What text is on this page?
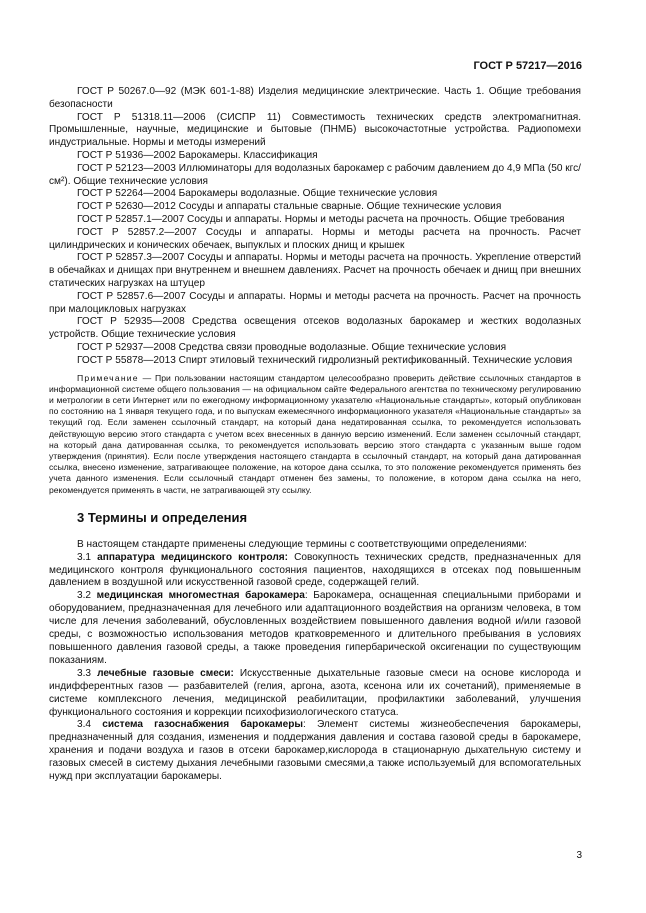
ГОСТ Р 57217—2016

ГОСТ Р 50267.0—92 (МЭК 601-1-88) Изделия медицинские электрические. Часть 1. Общие требования безопасности

ГОСТ Р 51318.11—2006 (СИСПР 11) Совместимость технических средств электромагнитная. Промышленные, научные, медицинские и бытовые (ПНМБ) высокочастотные устройства. Радиопомехи индустриальные. Нормы и методы измерений

ГОСТ Р 51936—2002 Барокамеры. Классификация

ГОСТ Р 52123—2003 Иллюминаторы для водолазных барокамер с рабочим давлением до 4,9 МПа (50 кгс/см²). Общие технические условия

ГОСТ Р 52264—2004 Барокамеры водолазные. Общие технические условия

ГОСТ Р 52630—2012 Сосуды и аппараты стальные сварные. Общие технические условия

ГОСТ Р 52857.1—2007 Сосуды и аппараты. Нормы и методы расчета на прочность. Общие требования

ГОСТ Р 52857.2—2007 Сосуды и аппараты. Нормы и методы расчета на прочность. Расчет цилиндрических и конических обечаек, выпуклых и плоских днищ и крышек

ГОСТ Р 52857.3—2007 Сосуды и аппараты. Нормы и методы расчета на прочность. Укрепление отверстий в обечайках и днищах при внутреннем и внешнем давлениях. Расчет на прочность обечаек и днищ при внешних статических нагрузках на штуцер

ГОСТ Р 52857.6—2007 Сосуды и аппараты. Нормы и методы расчета на прочность. Расчет на прочность при малоцикловых нагрузках

ГОСТ Р 52935—2008 Средства освещения отсеков водолазных барокамер и жестких водолазных устройств. Общие технические условия

ГОСТ Р 52937—2008 Средства связи проводные водолазные. Общие технические условия

ГОСТ Р 55878—2013 Спирт этиловый технический гидролизный ректификованный. Технические условия

Примечание — При пользовании настоящим стандартом целесообразно проверить действие ссылочных стандартов в информационной системе общего пользования — на официальном сайте Федерального агентства по техническому регулированию и метрологии в сети Интернет или по ежегодному информационному указателю «Национальные стандарты», который опубликован по состоянию на 1 января текущего года, и по выпускам ежемесячного информационного указателя «Национальные стандарты» за текущий год. Если заменен ссылочный стандарт, на который дана недатированная ссылка, то рекомендуется использовать действующую версию этого стандарта с учетом всех внесенных в данную версию изменений. Если заменен ссылочный стандарт, на который дана датированная ссылка, то рекомендуется использовать версию этого стандарта с указанным выше годом утверждения (принятия). Если после утверждения настоящего стандарта в ссылочный стандарт, на который дана датированная ссылка, внесено изменение, затрагивающее положение, на которое дана ссылка, то это положение рекомендуется применять без учета данного изменения. Если ссылочный стандарт отменен без замены, то положение, в котором дана ссылка на него, рекомендуется применять в части, не затрагивающей эту ссылку.

3 Термины и определения

В настоящем стандарте применены следующие термины с соответствующими определениями:

3.1 аппаратура медицинского контроля: Совокупность технических средств, предназначенных для медицинского контроля функционального состояния пациентов, находящихся в отсеках под повышенным давлением в воздушной или искусственной газовой среде, содержащей гелий.

3.2 медицинская многоместная барокамера: Барокамера, оснащенная специальными приборами и оборудованием, предназначенная для лечебного или адаптационного воздействия на организм человека, в том числе для лечения заболеваний, обусловленных воздействием повышенного давления водной и/или газовой среды, с возможностью использования методов кратковременного и длительного пребывания в условиях повышенного давления газовой среды, а также проведения гипербарической оксигенации по существующим показаниям.

3.3 лечебные газовые смеси: Искусственные дыхательные газовые смеси на основе кислорода и индифферентных газов — разбавителей (гелия, аргона, азота, ксенона или их сочетаний), применяемые в системе комплексного лечения, медицинской реабилитации, профилактики заболеваний, улучшения функционального состояния и коррекции психофизиологического статуса.

3.4 система газоснабжения барокамеры: Элемент системы жизнеобеспечения барокамеры, предназначенный для создания, изменения и поддержания давления и состава газовой среды в барокамере, хранения и подачи воздуха и газов в отсеки барокамер,кислорода в стационарную дыхательную систему и газовых смесей в систему дыхания лечебными газовыми смесями,а также используемый для вспомогательных нужд при эксплуатации барокамеры.

3
